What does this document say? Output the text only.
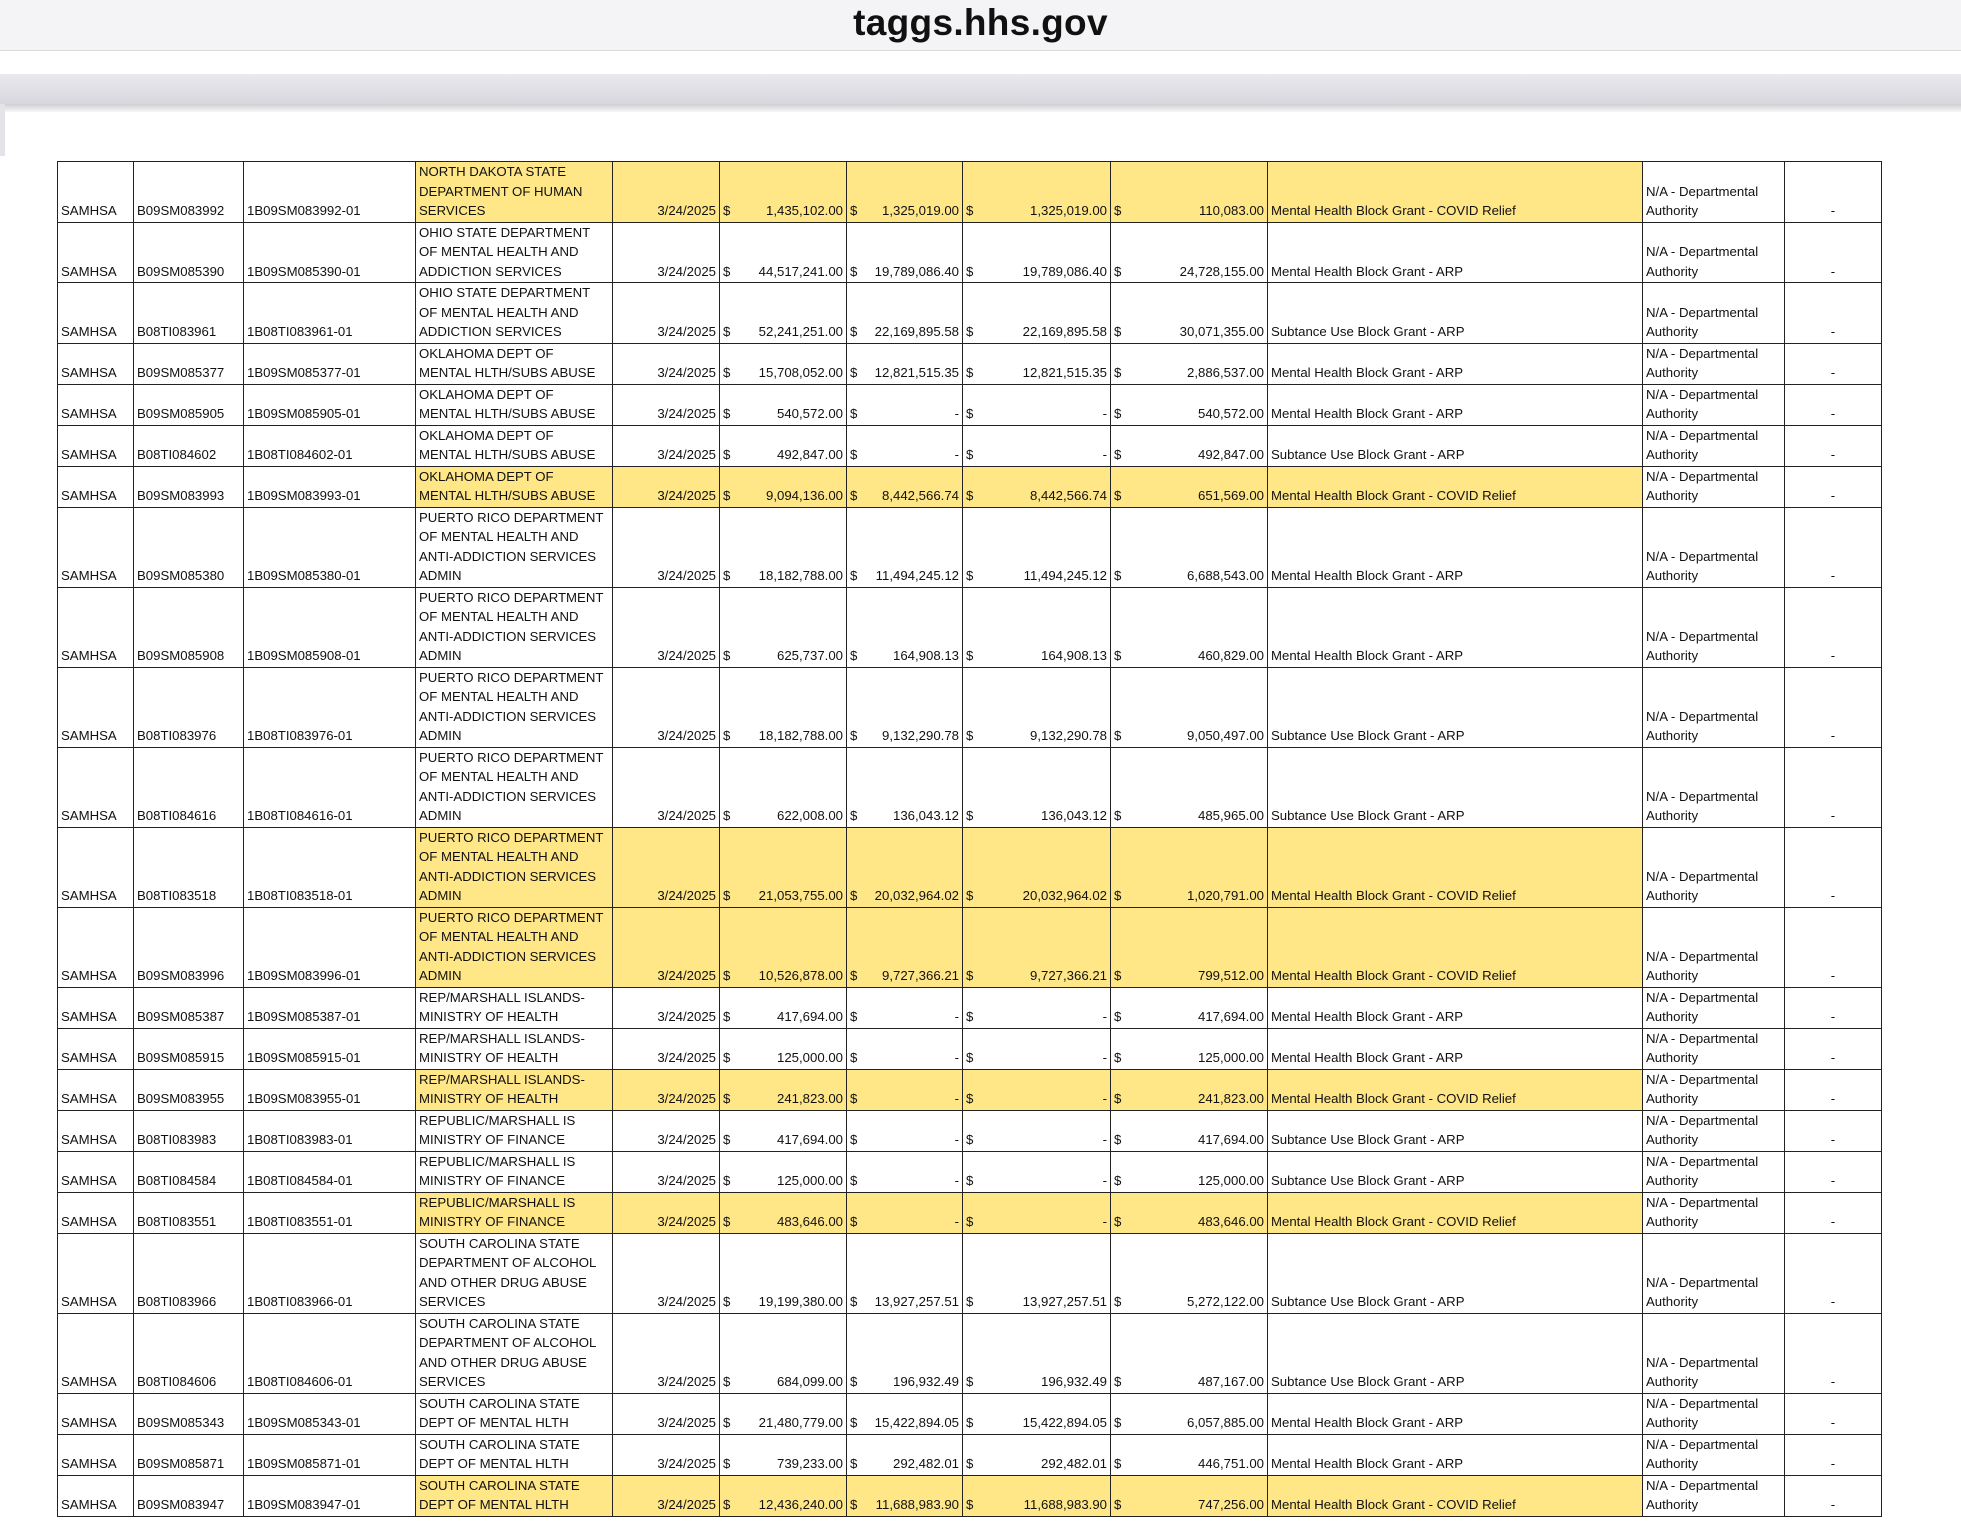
taggs.hhs.gov
SAMHSA	B09SM083992	1B09SM083992-01	NORTH DAKOTA STATE DEPARTMENT OF HUMAN SERVICES	3/24/2025	$ 1,435,102.00	$ 1,325,019.00	$ 1,325,019.00	$ 110,083.00	Mental Health Block Grant - COVID Relief	N/A - Departmental Authority	-
SAMHSA	B09SM085390	1B09SM085390-01	OHIO STATE DEPARTMENT OF MENTAL HEALTH AND ADDICTION SERVICES	3/24/2025	$ 44,517,241.00	$ 19,789,086.40	$ 19,789,086.40	$ 24,728,155.00	Mental Health Block Grant - ARP	N/A - Departmental Authority	-
SAMHSA	B08TI083961	1B08TI083961-01	OHIO STATE DEPARTMENT OF MENTAL HEALTH AND ADDICTION SERVICES	3/24/2025	$ 52,241,251.00	$ 22,169,895.58	$ 22,169,895.58	$ 30,071,355.00	Subtance Use Block Grant - ARP	N/A - Departmental Authority	-
SAMHSA	B09SM085377	1B09SM085377-01	OKLAHOMA DEPT OF MENTAL HLTH/SUBS ABUSE	3/24/2025	$ 15,708,052.00	$ 12,821,515.35	$ 12,821,515.35	$ 2,886,537.00	Mental Health Block Grant - ARP	N/A - Departmental Authority	-
SAMHSA	B09SM085905	1B09SM085905-01	OKLAHOMA DEPT OF MENTAL HLTH/SUBS ABUSE	3/24/2025	$ 540,572.00	$ -	$ -	$ 540,572.00	Mental Health Block Grant - ARP	N/A - Departmental Authority	-
SAMHSA	B08TI084602	1B08TI084602-01	OKLAHOMA DEPT OF MENTAL HLTH/SUBS ABUSE	3/24/2025	$ 492,847.00	$ -	$ -	$ 492,847.00	Subtance Use Block Grant - ARP	N/A - Departmental Authority	-
SAMHSA	B09SM083993	1B09SM083993-01	OKLAHOMA DEPT OF MENTAL HLTH/SUBS ABUSE	3/24/2025	$ 9,094,136.00	$ 8,442,566.74	$ 8,442,566.74	$ 651,569.00	Mental Health Block Grant - COVID Relief	N/A - Departmental Authority	-
SAMHSA	B09SM085380	1B09SM085380-01	PUERTO RICO DEPARTMENT OF MENTAL HEALTH AND ANTI-ADDICTION SERVICES ADMIN	3/24/2025	$ 18,182,788.00	$ 11,494,245.12	$ 11,494,245.12	$ 6,688,543.00	Mental Health Block Grant - ARP	N/A - Departmental Authority	-
SAMHSA	B09SM085908	1B09SM085908-01	PUERTO RICO DEPARTMENT OF MENTAL HEALTH AND ANTI-ADDICTION SERVICES ADMIN	3/24/2025	$ 625,737.00	$ 164,908.13	$ 164,908.13	$ 460,829.00	Mental Health Block Grant - ARP	N/A - Departmental Authority	-
SAMHSA	B08TI083976	1B08TI083976-01	PUERTO RICO DEPARTMENT OF MENTAL HEALTH AND ANTI-ADDICTION SERVICES ADMIN	3/24/2025	$ 18,182,788.00	$ 9,132,290.78	$ 9,132,290.78	$ 9,050,497.00	Subtance Use Block Grant - ARP	N/A - Departmental Authority	-
SAMHSA	B08TI084616	1B08TI084616-01	PUERTO RICO DEPARTMENT OF MENTAL HEALTH AND ANTI-ADDICTION SERVICES ADMIN	3/24/2025	$ 622,008.00	$ 136,043.12	$ 136,043.12	$ 485,965.00	Subtance Use Block Grant - ARP	N/A - Departmental Authority	-
SAMHSA	B08TI083518	1B08TI083518-01	PUERTO RICO DEPARTMENT OF MENTAL HEALTH AND ANTI-ADDICTION SERVICES ADMIN	3/24/2025	$ 21,053,755.00	$ 20,032,964.02	$ 20,032,964.02	$ 1,020,791.00	Mental Health Block Grant - COVID Relief	N/A - Departmental Authority	-
SAMHSA	B09SM083996	1B09SM083996-01	PUERTO RICO DEPARTMENT OF MENTAL HEALTH AND ANTI-ADDICTION SERVICES ADMIN	3/24/2025	$ 10,526,878.00	$ 9,727,366.21	$ 9,727,366.21	$ 799,512.00	Mental Health Block Grant - COVID Relief	N/A - Departmental Authority	-
SAMHSA	B09SM085387	1B09SM085387-01	REP/MARSHALL ISLANDS-MINISTRY OF HEALTH	3/24/2025	$ 417,694.00	$ -	$ -	$ 417,694.00	Mental Health Block Grant - ARP	N/A - Departmental Authority	-
SAMHSA	B09SM085915	1B09SM085915-01	REP/MARSHALL ISLANDS-MINISTRY OF HEALTH	3/24/2025	$ 125,000.00	$ -	$ -	$ 125,000.00	Mental Health Block Grant - ARP	N/A - Departmental Authority	-
SAMHSA	B09SM083955	1B09SM083955-01	REP/MARSHALL ISLANDS-MINISTRY OF HEALTH	3/24/2025	$ 241,823.00	$ -	$ -	$ 241,823.00	Mental Health Block Grant - COVID Relief	N/A - Departmental Authority	-
SAMHSA	B08TI083983	1B08TI083983-01	REPUBLIC/MARSHALL IS MINISTRY OF FINANCE	3/24/2025	$ 417,694.00	$ -	$ -	$ 417,694.00	Subtance Use Block Grant - ARP	N/A - Departmental Authority	-
SAMHSA	B08TI084584	1B08TI084584-01	REPUBLIC/MARSHALL IS MINISTRY OF FINANCE	3/24/2025	$ 125,000.00	$ -	$ -	$ 125,000.00	Subtance Use Block Grant - ARP	N/A - Departmental Authority	-
SAMHSA	B08TI083551	1B08TI083551-01	REPUBLIC/MARSHALL IS MINISTRY OF FINANCE	3/24/2025	$ 483,646.00	$ -	$ -	$ 483,646.00	Mental Health Block Grant - COVID Relief	N/A - Departmental Authority	-
SAMHSA	B08TI083966	1B08TI083966-01	SOUTH CAROLINA STATE DEPARTMENT OF ALCOHOL AND OTHER DRUG ABUSE SERVICES	3/24/2025	$ 19,199,380.00	$ 13,927,257.51	$ 13,927,257.51	$ 5,272,122.00	Subtance Use Block Grant - ARP	N/A - Departmental Authority	-
SAMHSA	B08TI084606	1B08TI084606-01	SOUTH CAROLINA STATE DEPARTMENT OF ALCOHOL AND OTHER DRUG ABUSE SERVICES	3/24/2025	$ 684,099.00	$ 196,932.49	$ 196,932.49	$ 487,167.00	Subtance Use Block Grant - ARP	N/A - Departmental Authority	-
SAMHSA	B09SM085343	1B09SM085343-01	SOUTH CAROLINA STATE DEPT OF MENTAL HLTH	3/24/2025	$ 21,480,779.00	$ 15,422,894.05	$ 15,422,894.05	$ 6,057,885.00	Mental Health Block Grant - ARP	N/A - Departmental Authority	-
SAMHSA	B09SM085871	1B09SM085871-01	SOUTH CAROLINA STATE DEPT OF MENTAL HLTH	3/24/2025	$ 739,233.00	$ 292,482.01	$ 292,482.01	$ 446,751.00	Mental Health Block Grant - ARP	N/A - Departmental Authority	-
SAMHSA	B09SM083947	1B09SM083947-01	SOUTH CAROLINA STATE DEPT OF MENTAL HLTH	3/24/2025	$ 12,436,240.00	$ 11,688,983.90	$ 11,688,983.90	$ 747,256.00	Mental Health Block Grant - COVID Relief	N/A - Departmental Authority	-
